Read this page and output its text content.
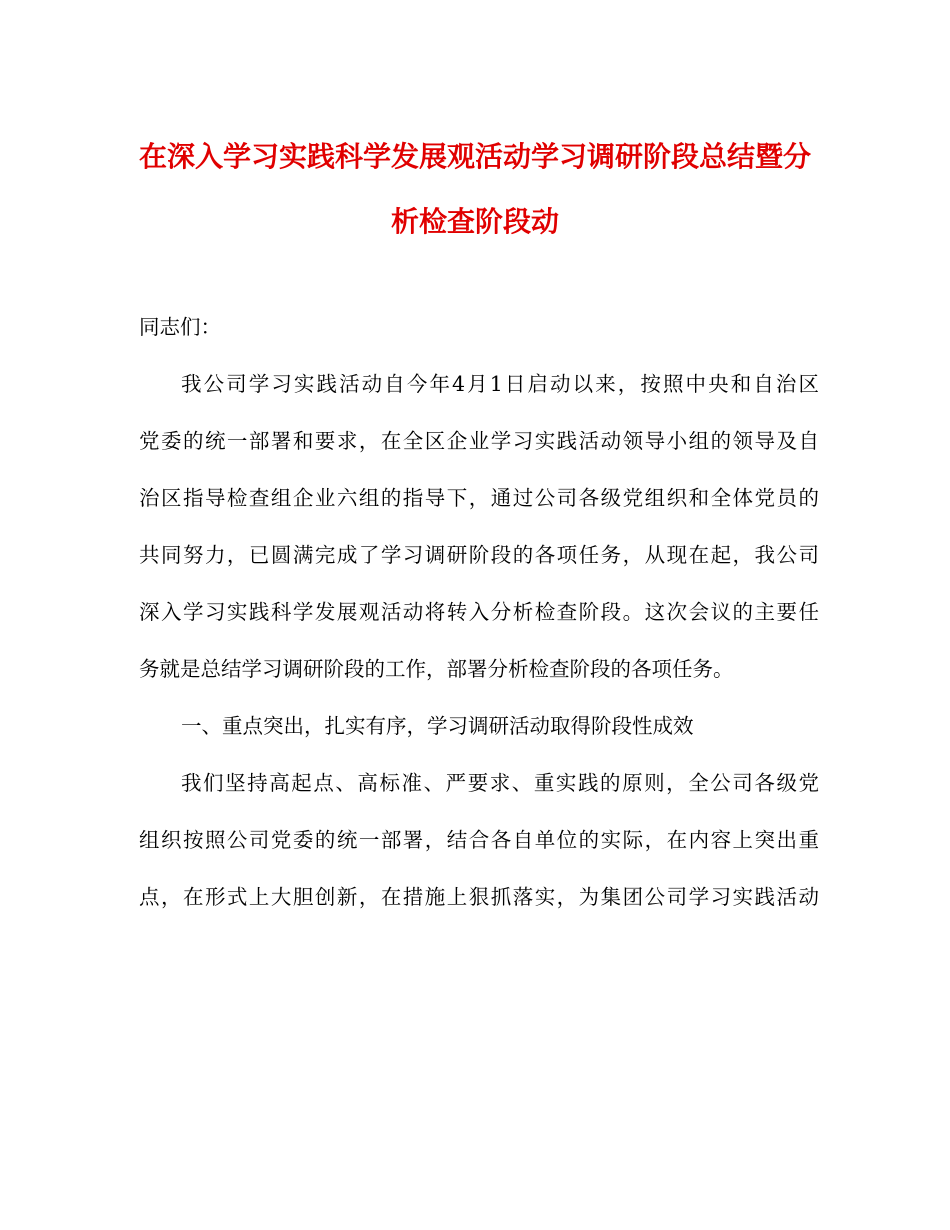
在深入学习实践科学发展观活动学习调研阶段总结暨分
析检查阶段动

同志们：

我公司学习实践活动自今年4月1日启动以来，按照中央和自治区

党委的统一部署和要求，在全区企业学习实践活动领导小组的领导及自

治区指导检查组企业六组的指导下，通过公司各级党组织和全体党员的

共同努力，已圆满完成了学习调研阶段的各项任务，从现在起，我公司

深入学习实践科学发展观活动将转入分析检查阶段。这次会议的主要任

务就是总结学习调研阶段的工作，部署分析检查阶段的各项任务。

一、重点突出，扎实有序，学习调研活动取得阶段性成效

我们坚持高起点、高标准、严要求、重实践的原则，全公司各级党

组织按照公司党委的统一部署，结合各自单位的实际，在内容上突出重

点，在形式上大胆创新，在措施上狠抓落实，为集团公司学习实践活动
